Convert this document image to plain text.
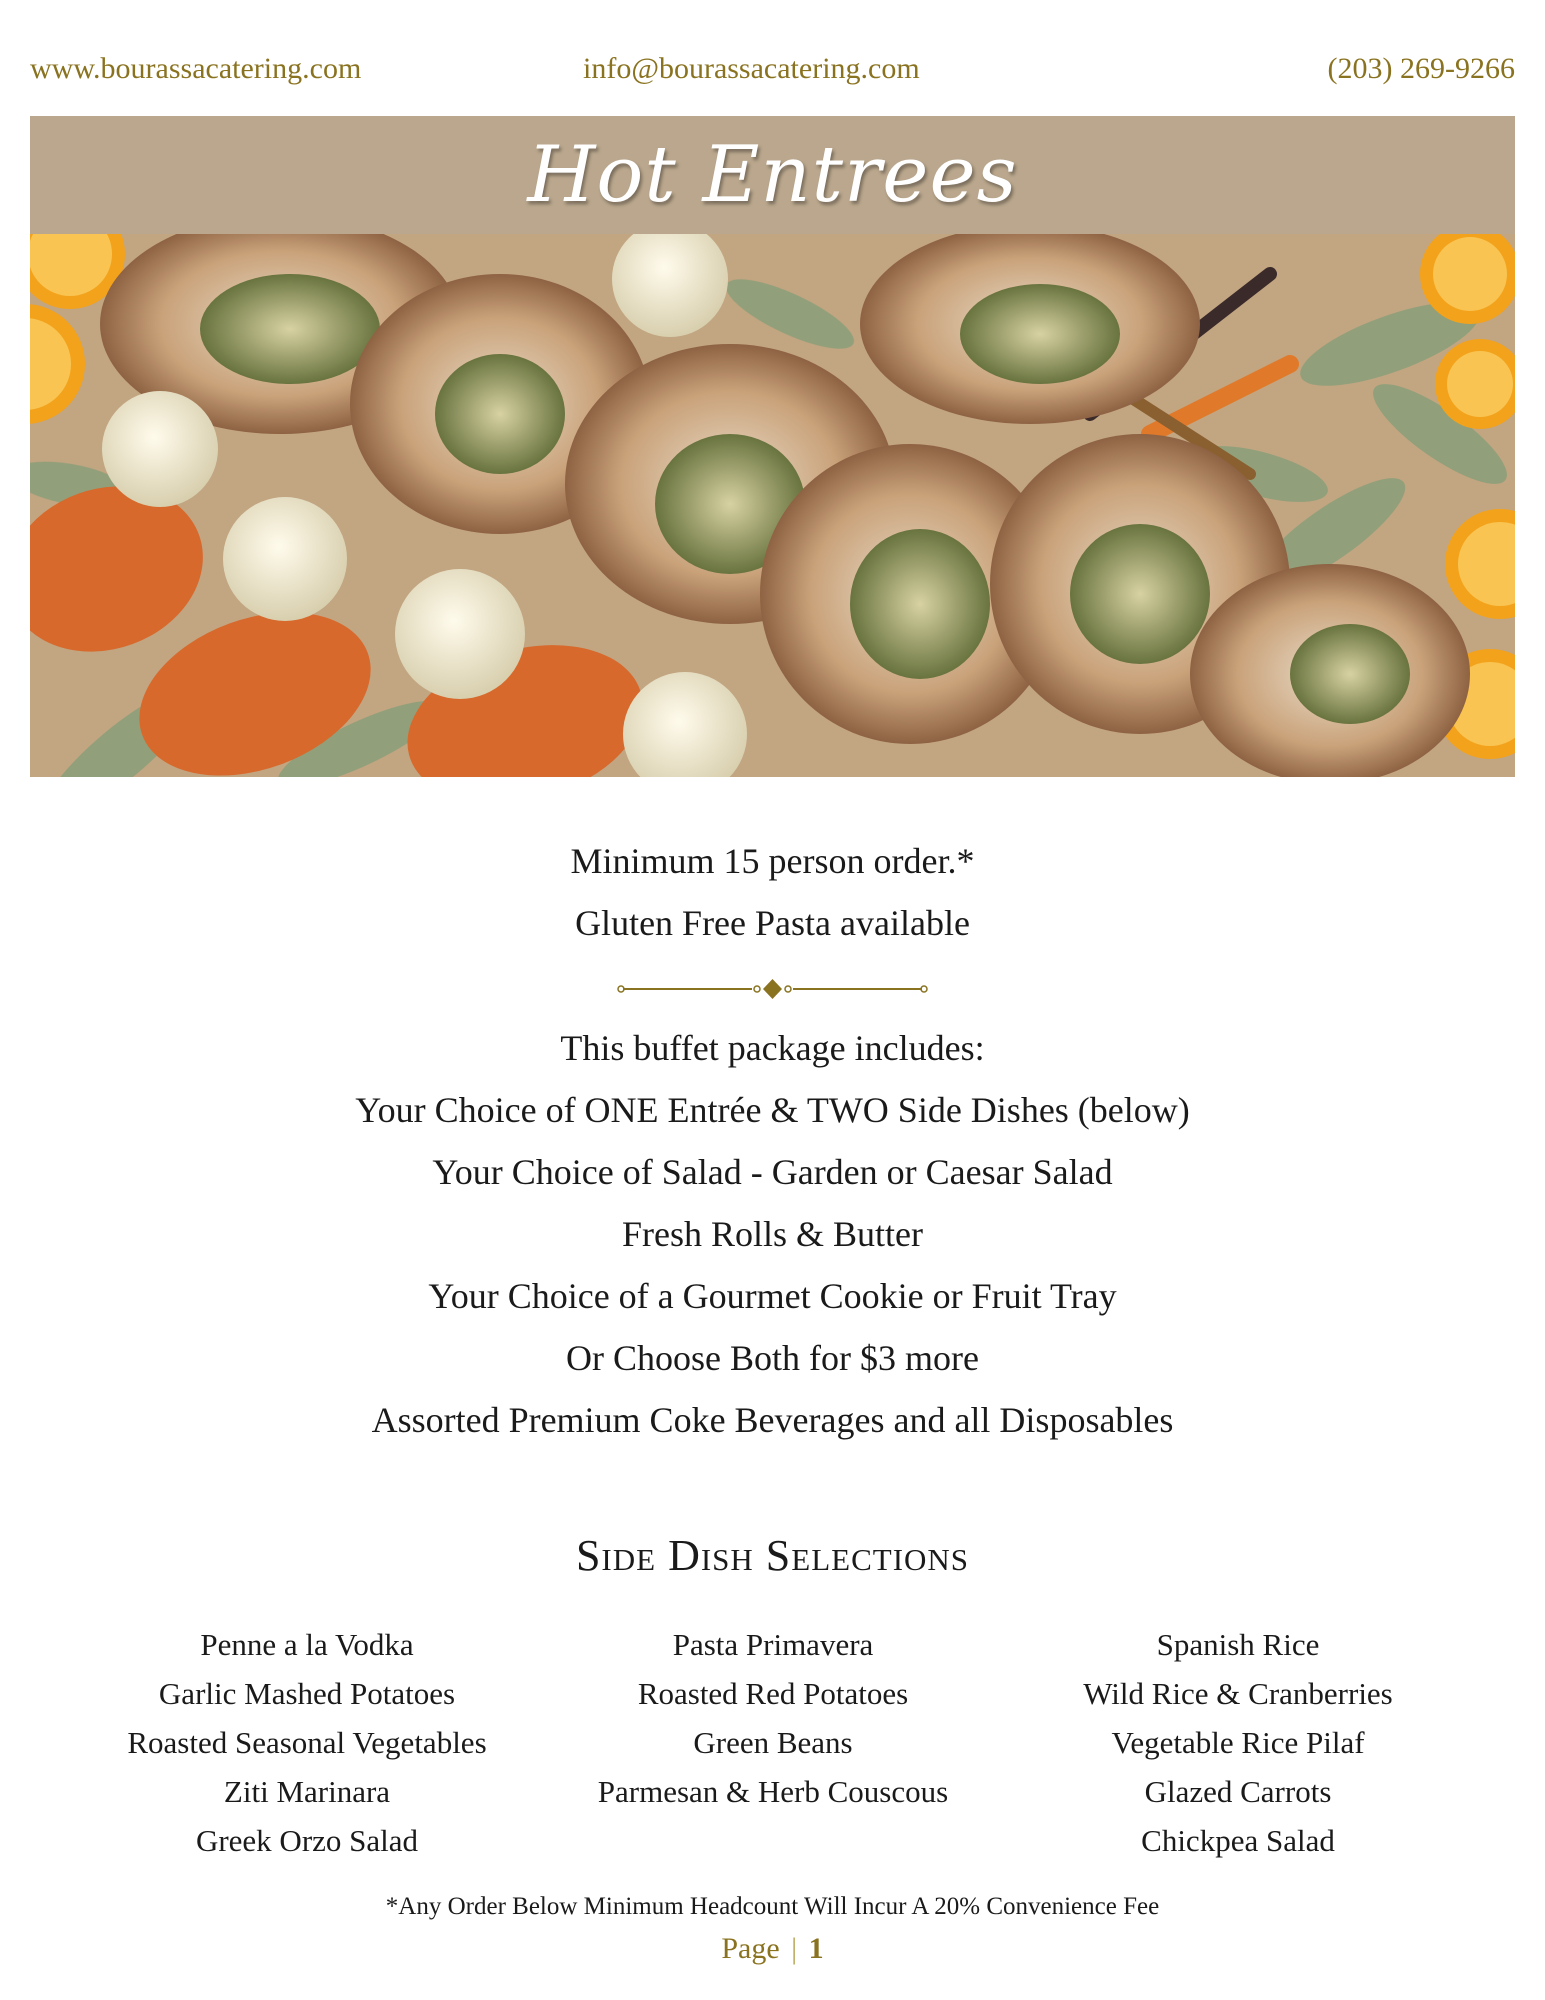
www.bourassacatering.com	info@bourassacatering.com	(203) 269-9266
Hot Entrees

Minimum 15 person order.*

Gluten Free Pasta available

This buffet package includes:

Your Choice of ONE Entrée & TWO Side Dishes (below)

Your Choice of Salad - Garden or Caesar Salad

Fresh Rolls & Butter

Your Choice of a Gourmet Cookie or Fruit Tray

Or Choose Both for $3 more

Assorted Premium Coke Beverages and all Disposables

Side Dish Selections
Penne a la Vodka
Garlic Mashed Potatoes
Roasted Seasonal Vegetables
Ziti Marinara
Greek Orzo Salad
Pasta Primavera
Roasted Red Potatoes
Green Beans
Parmesan & Herb Couscous
Spanish Rice
Wild Rice & Cranberries
Vegetable Rice Pilaf
Glazed Carrots
Chickpea Salad
*Any Order Below Minimum Headcount Will Incur A 20% Convenience Fee
Page | 1
